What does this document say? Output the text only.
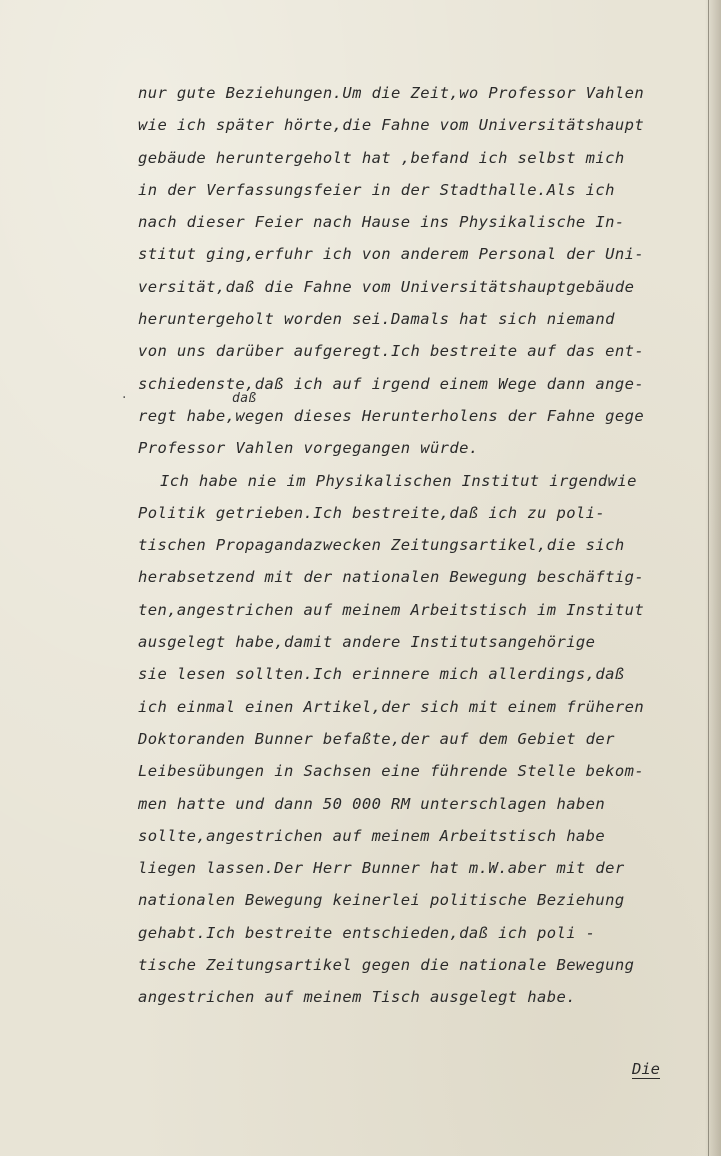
·
nur gute Beziehungen.Um die Zeit,wo Professor Vahlen
wie ich später hörte,die Fahne vom Universitätshaupt
gebäude heruntergeholt hat ,befand ich selbst mich
in der Verfassungsfeier in der Stadthalle.Als ich
nach dieser Feier nach Hause ins Physikalische In-
stitut ging,erfuhr ich von anderem Personal der Uni-
versität,daß die Fahne vom Universitätshauptgebäude
heruntergeholt worden sei.Damals hat sich niemand
von uns darüber aufgeregt.Ich bestreite auf das ent-
schiedenste,daß ich auf irgend einem Wege dann ange-
daß
regt habe,wegen dieses Herunterholens der Fahne gege
Professor Vahlen vorgegangen würde.
Ich habe nie im Physikalischen Institut irgendwie
Politik getrieben.Ich bestreite,daß ich zu poli-
tischen Propagandazwecken Zeitungsartikel,die sich
herabsetzend mit der nationalen Bewegung beschäftig-
ten,angestrichen auf meinem Arbeitstisch im Institut
ausgelegt habe,damit andere Institutsangehörige
sie lesen sollten.Ich erinnere mich allerdings,daß
ich einmal einen Artikel,der sich mit einem früheren
Doktoranden Bunner befaßte,der auf dem Gebiet der
Leibesübungen in Sachsen eine führende Stelle bekom-
men hatte und dann 50 000 RM unterschlagen haben
sollte,angestrichen auf meinem Arbeitstisch habe
liegen lassen.Der Herr Bunner hat m.W.aber mit der
nationalen Bewegung keinerlei politische Beziehung
gehabt.Ich bestreite entschieden,daß ich poli -
tische Zeitungsartikel gegen die nationale Bewegung
angestrichen auf meinem Tisch ausgelegt habe.
Die
